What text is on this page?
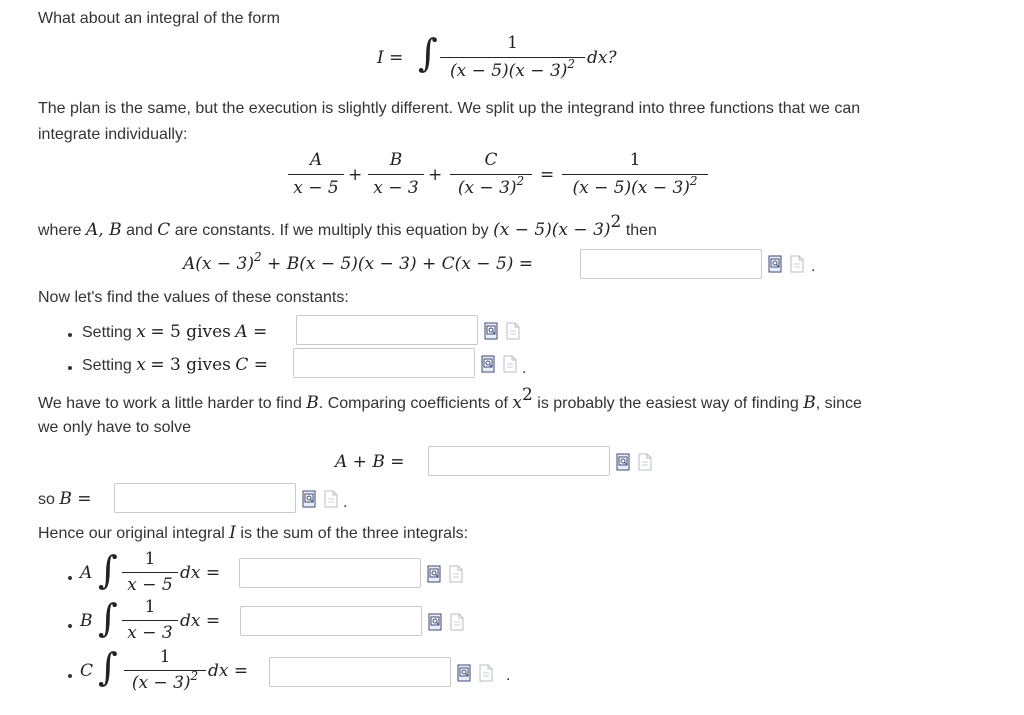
What about an integral of the form
I = ∫	1
$(x - 5)(x - 3)^2$ dx?
The plan is the same, but the execution is slightly different. We split up the integrand into three functions that we can
integrate individually:
A
x − 5
+
B
x − 3
+
C
$(x - 3)^2$ =
1
$(x - 5)(x - 3)^2$
where A, B and C are constants. If we multiply this equation by $(x - 5)(x - 3)^2$ then
$A(x - 3)^2 + B(x - 5)(x - 3) + C(x - 5)$ =	.
Now let's find the values of these constants:
Setting x = 5 gives A =
Setting x = 3 gives C =	.
We have to work a little harder to find B. Comparing coefficients of $x^2$ is probably the easiest way of finding B, since
we only have to solve
A + B =
so B =	.
Hence our original integral I is the sum of the three integrals:
A ∫	1
x − 5
dx =
B ∫	1
x − 3
dx =
C ∫	1
$(x - 3)^2$ dx =	.
